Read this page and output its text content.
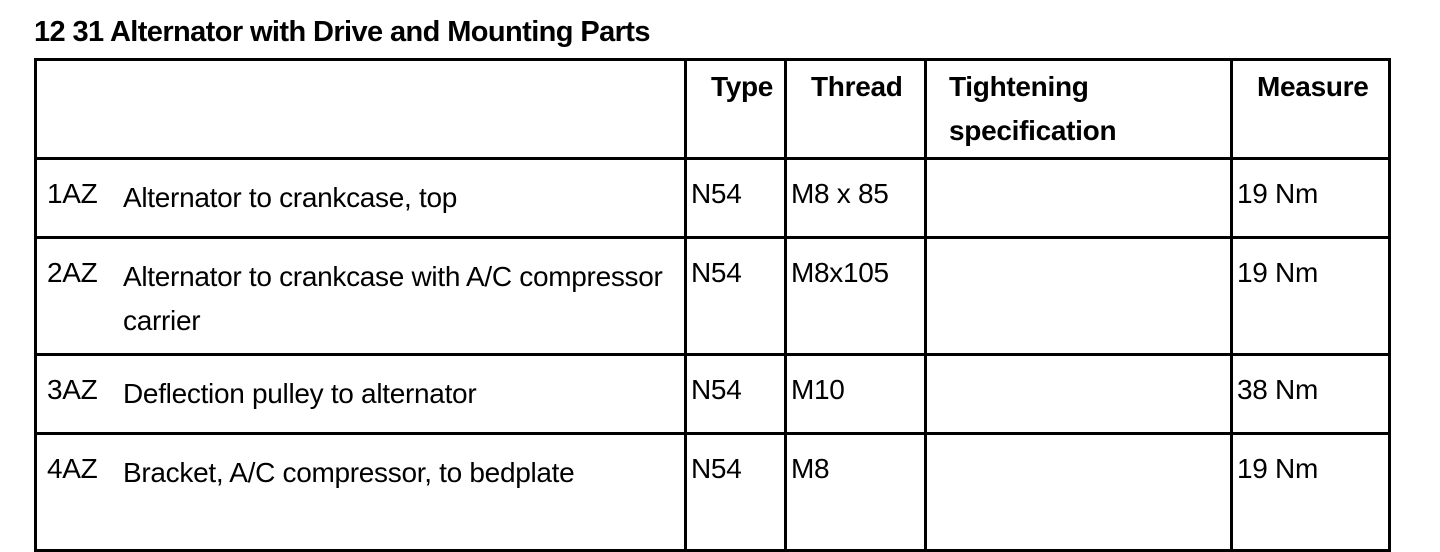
12 31 Alternator with Drive and Mounting Parts
	Type	Thread	Tightening specification	Measure

1AZ Alternator to crankcase, top	N54	M8 x 85		19 Nm

2AZ Alternator to crankcase with A/C compressor carrier	N54	M8x105		19 Nm

3AZ Deflection pulley to alternator	N54	M10		38 Nm

4AZ Bracket, A/C compressor, to bedplate	N54	M8		19 Nm
